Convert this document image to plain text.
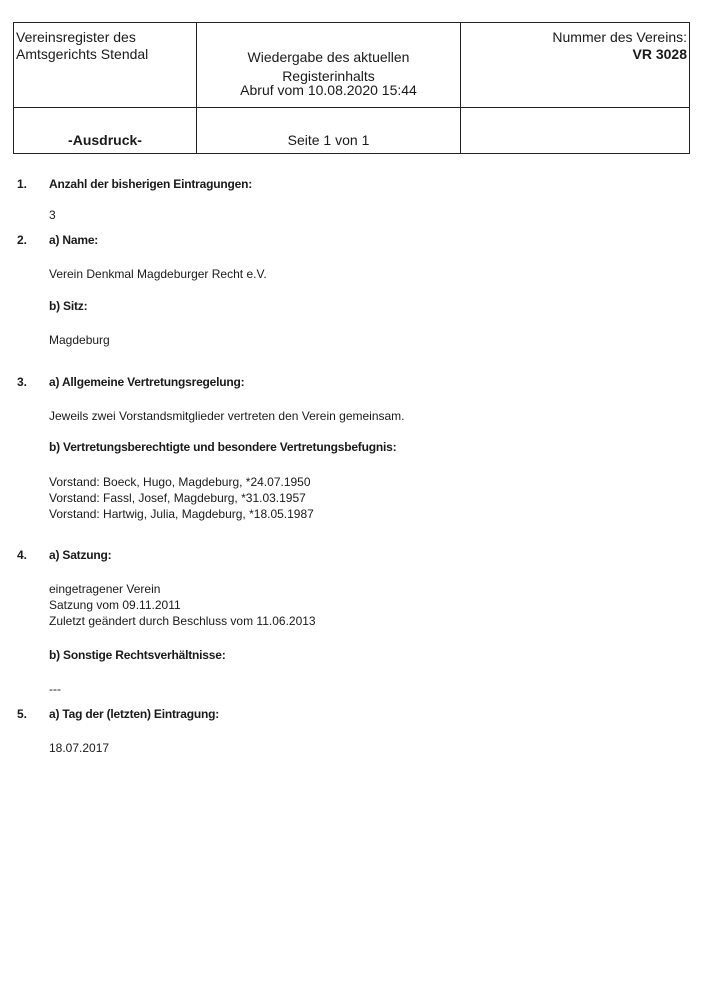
Vereinsregister des
Amtsgerichts Stendal	Wiedergabe des aktuellen
Registerinhalts
Abruf vom 10.08.2020 15:44
Nummer des Vereins:
VR 3028
-Ausdruck-	Seite 1 von 1
1. Anzahl der bisherigen Eintragungen:
3
2. a) Name:
Verein Denkmal Magdeburger Recht e.V.
b) Sitz:
Magdeburg
3. a) Allgemeine Vertretungsregelung:
Jeweils zwei Vorstandsmitglieder vertreten den Verein gemeinsam.
b) Vertretungsberechtigte und besondere Vertretungsbefugnis:
Vorstand: Boeck, Hugo, Magdeburg, *24.07.1950
Vorstand: Fassl, Josef, Magdeburg, *31.03.1957
Vorstand: Hartwig, Julia, Magdeburg, *18.05.1987
4. a) Satzung:
eingetragener Verein
Satzung vom 09.11.2011
Zuletzt geändert durch Beschluss vom 11.06.2013
b) Sonstige Rechtsverhältnisse:
---
5. a) Tag der (letzten) Eintragung:
18.07.2017
